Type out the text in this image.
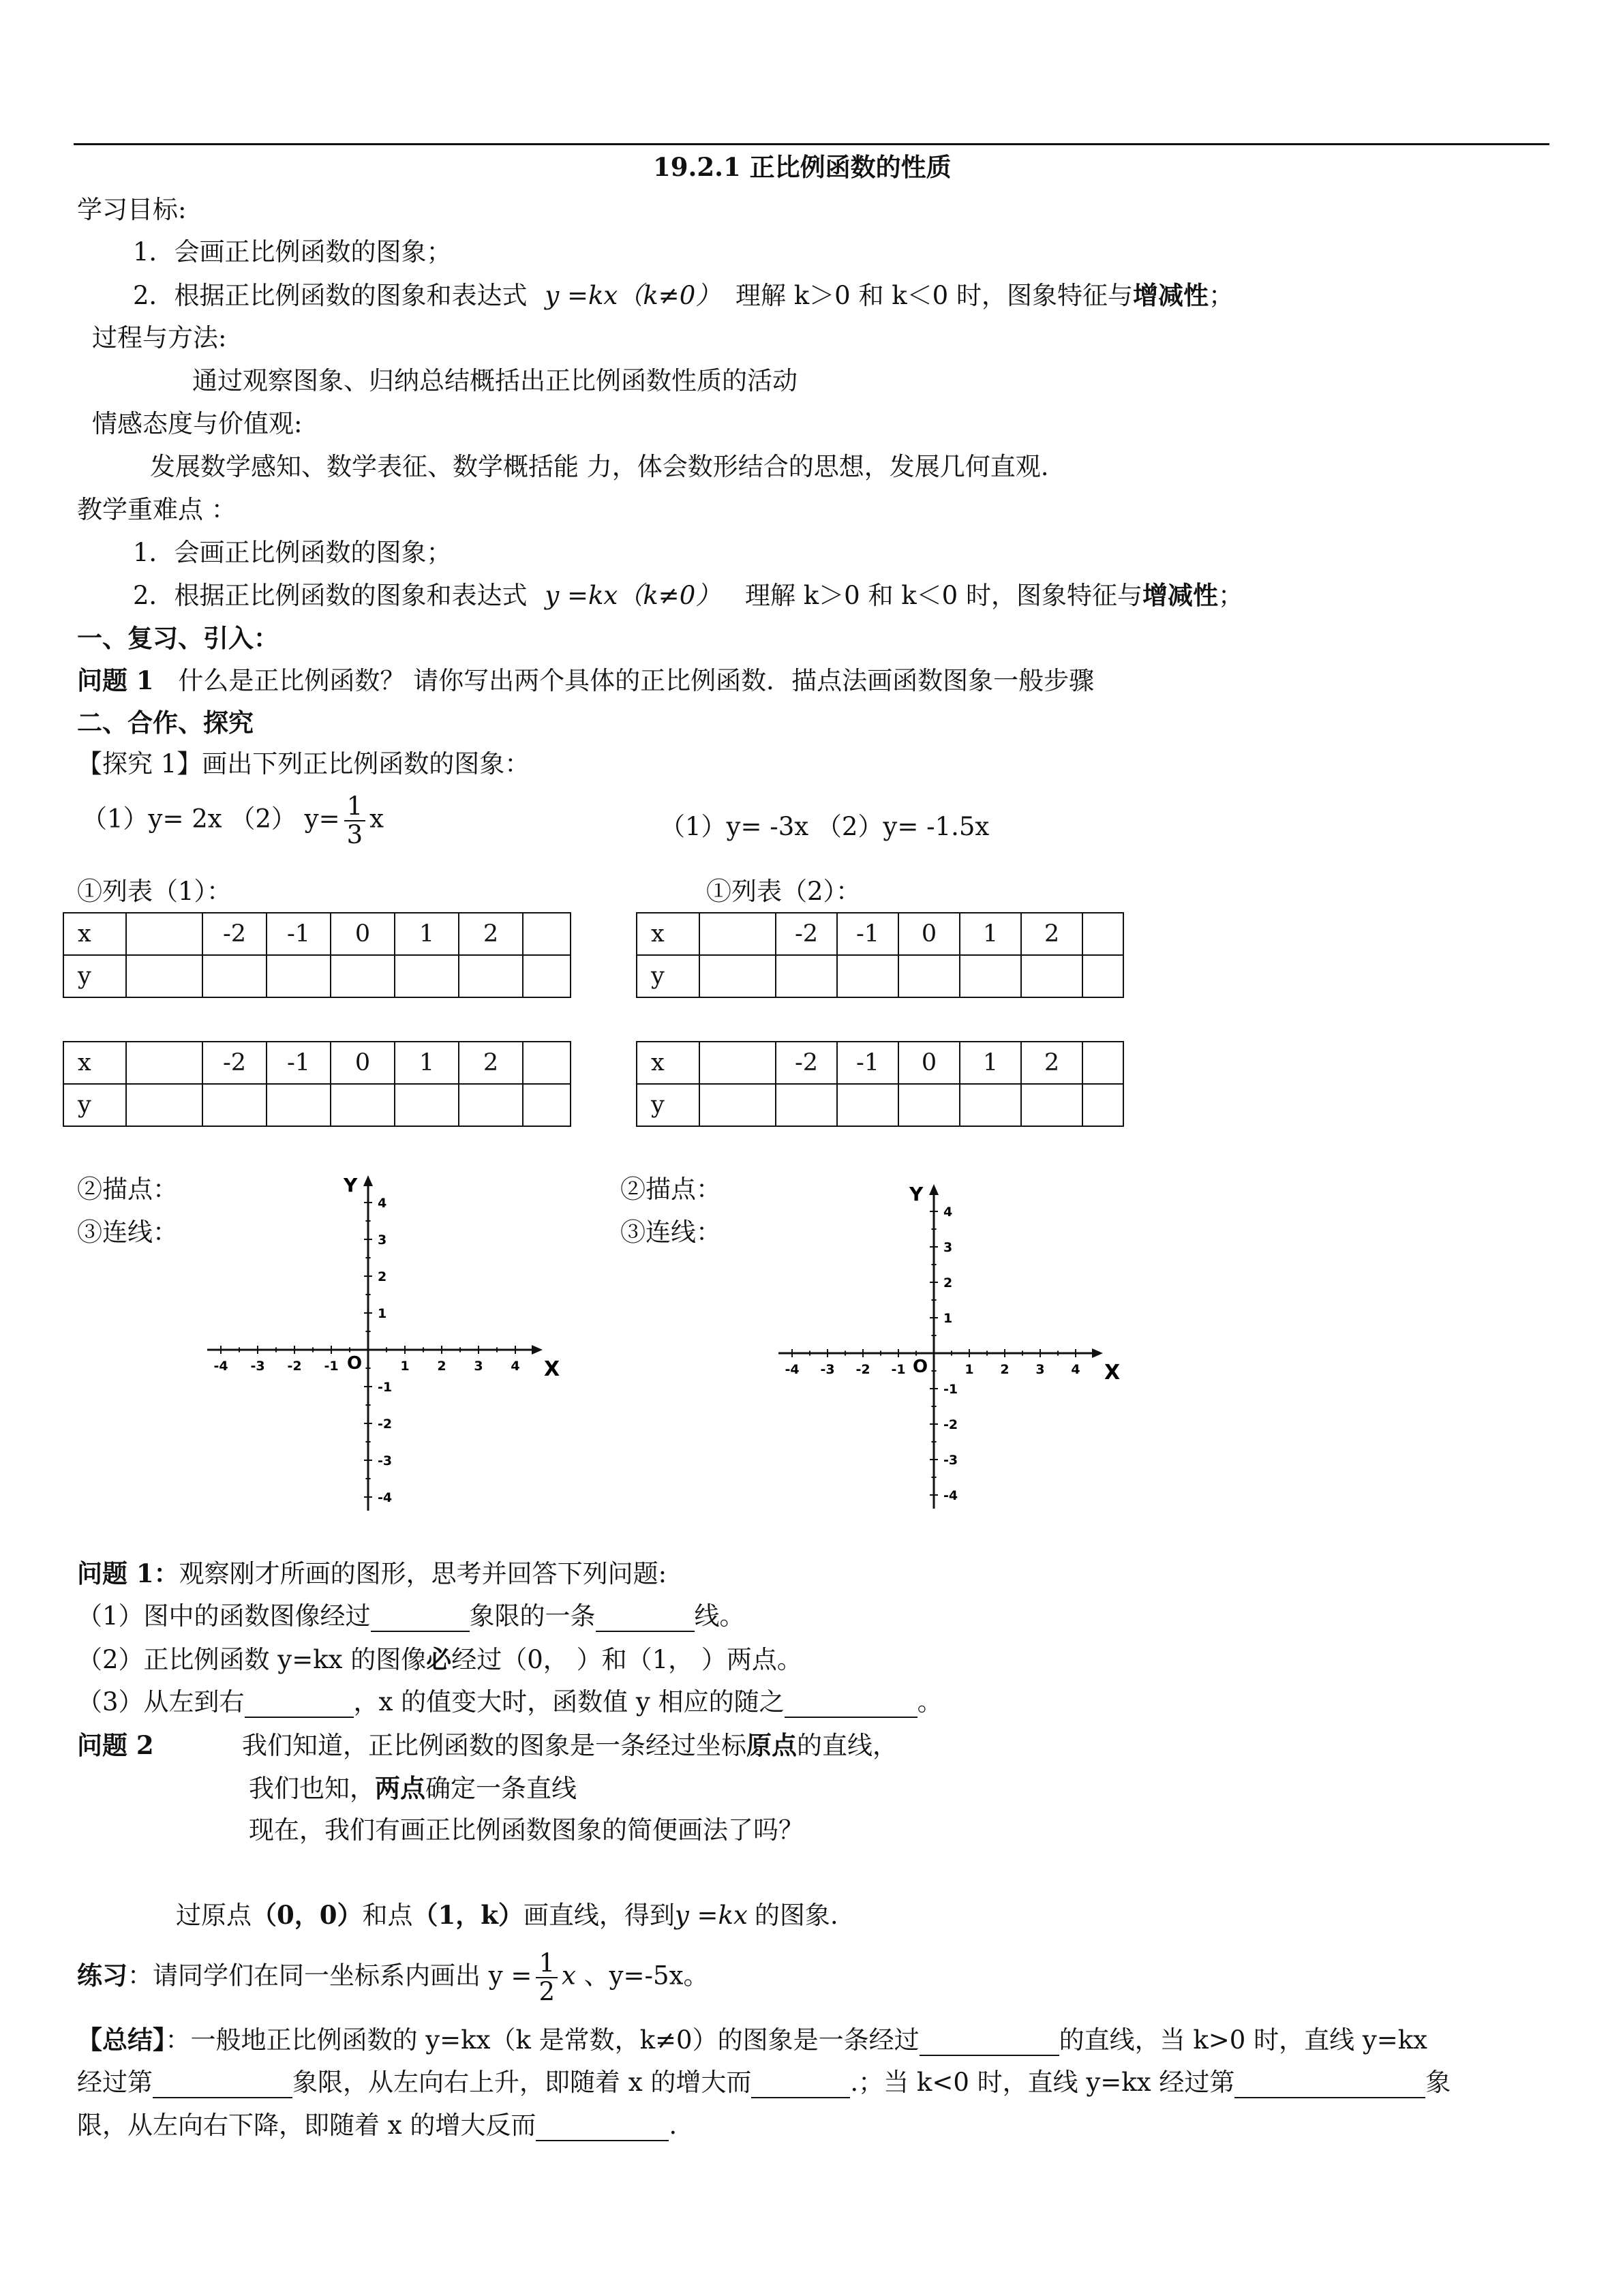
19.2.1 正比例函数的性质
学习目标:
1．会画正比例函数的图象；
2．根据正比例函数的图象和表达式 y =kx（k≠0） 理解 k＞0 和 k＜0 时，图象特征与增减性；
过程与方法:
通过观察图象、归纳总结概括出正比例函数性质的活动
情感态度与价值观:
发展数学感知、数学表征、数学概括能 力，体会数形结合的思想，发展几何直观.
教学重难点 ：
1．会画正比例函数的图象；
2．根据正比例函数的图象和表达式 y =kx（k≠0） 理解 k＞0 和 k＜0 时，图象特征与增减性；
一、复习、引入：
问题 1 什么是正比例函数？ 请你写出两个具体的正比例函数．描点法画函数图象一般步骤
二、合作、探究
【探究 1】画出下列正比例函数的图象：
（1）y= 2x （2） $y= \frac{1}{3}$ x	（1）y= -3x （2）y= -1.5x
①列表（1）：	①列表（2）：
x		-2	-1	0	1	2	
y							
x		-2	-1	0	1	2	
y							
x		-2	-1	0	1	2	
y							
x		-2	-1	0	1	2	
y							
②描点：
③连线：
②描点：
③连线：
-4 -3 -2 -1	1 2 3 4
4
3
2
1
-1
-2
-3
-4
O	X
Y
-4 -3 -2 -1	1 2 3 4
4
3
2
1
-1
-2
-3
-4
O	X
Y
问题 1：观察刚才所画的图形，思考并回答下列问题:
（1）图中的函数图像经过	象限的一条	线。
（2）正比例函数 y=kx 的图像必经过（0， ）和（1， ）两点。
（3）从左到右	，x 的值变大时，函数值 y 相应的随之	。
问题 2	我们知道，正比例函数的图象是一条经过坐标原点的直线，
我们也知，两点确定一条直线
现在，我们有画正比例函数图象的简便画法了吗？
过原点（0，0）和点（1，k）画直线，得到y =kx 的图象.
练习：请同学们在同一坐标系内画出 $y = \frac{1}{2}$ x 、y=-5x。
【总结】：一般地正比例函数的 y=kx（k 是常数，k≠0）的图象是一条经过	的直线，当 k>0 时，直线 y=kx
经过第	象限，从左向右上升，即随着 x 的增大而	.；当 k<0 时，直线 y=kx 经过第	象
限，从左向右下降，即随着 x 的增大反而	.
